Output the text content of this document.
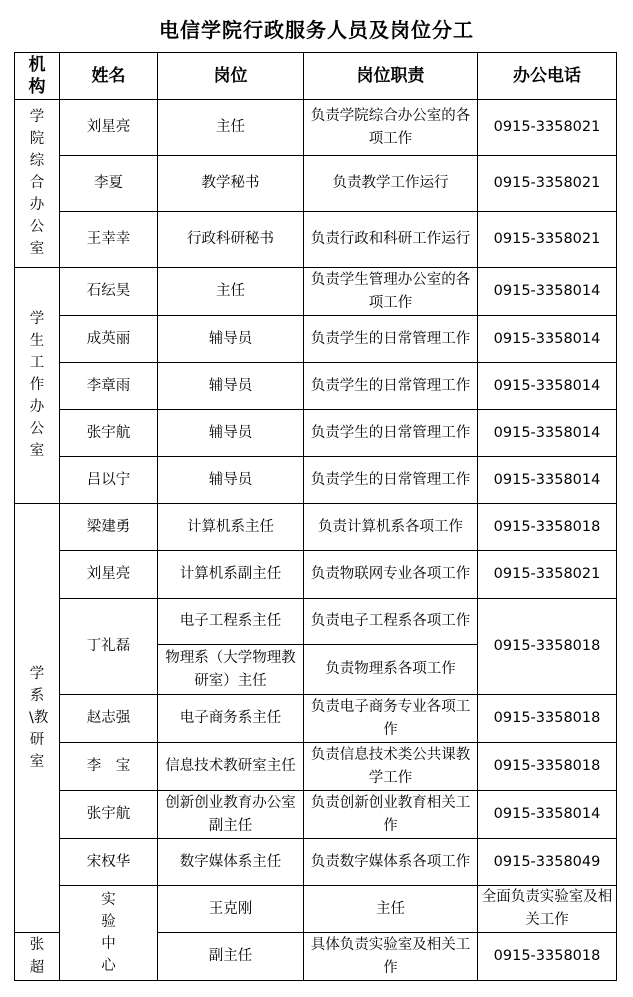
电信学院行政服务人员及岗位分工
机构	姓名	岗位	岗位职责	办公电话	
学院综合办公室	刘星亮	主任	负责学院综合办公室的各项工作	0915-3358021	
	李夏	教学秘书	负责教学工作运行	0915-3358021	
	王幸幸	行政科研秘书	负责行政和科研工作运行	0915-3358021	
学生工作办公室	石纭昊	主任	负责学生管理办公室的各项工作	0915-3358014	
	成英丽	辅导员	负责学生的日常管理工作	0915-3358014	
	李章雨	辅导员	负责学生的日常管理工作	0915-3358014	
	张宇航	辅导员	负责学生的日常管理工作	0915-3358014	
	吕以宁	辅导员	负责学生的日常管理工作	0915-3358014	
学系\教研室	梁建勇	计算机系主任	负责计算机系各项工作	0915-3358018	
	刘星亮	计算机系副主任	负责物联网专业各项工作	0915-3358021	
	丁礼磊	电子工程系主任	负责电子工程系各项工作	0915-3358018	
		物理系（大学物理教研室）主任	负责物理系各项工作		
	赵志强	电子商务系主任	负责电子商务专业各项工作	0915-3358018	
	李　宝	信息技术教研室主任	负责信息技术类公共课教学工作	0915-3358018	
	张宇航	创新创业教育办公室副主任	负责创新创业教育相关工作	0915-3358014	
	宋权华	数字媒体系主任	负责数字媒体系各项工作	0915-3358049	
	实验中心	王克刚	主任	全面负责实验室及相关工作	
张　超		副主任	具体负责实验室及相关工作	0915-3358018	
